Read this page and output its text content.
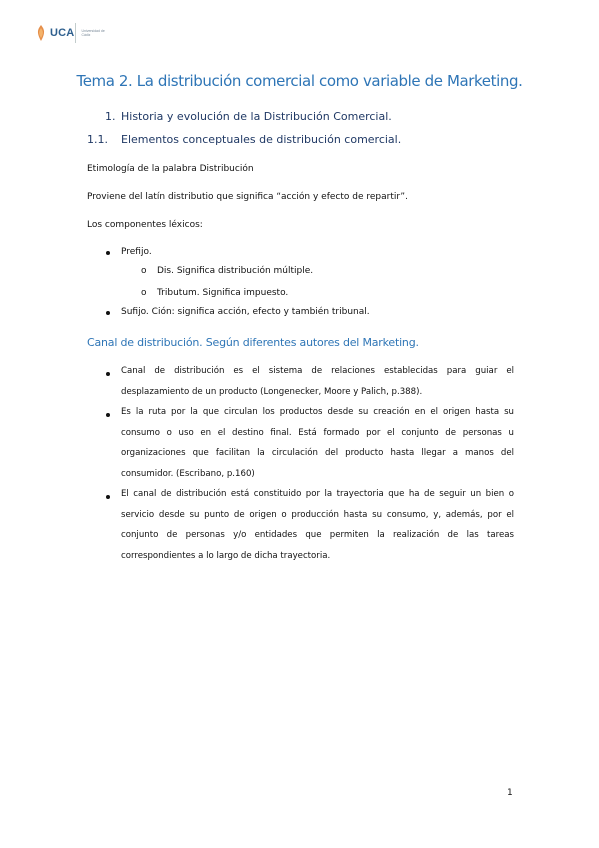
UCA Universidad de Cádiz
Tema 2. La distribución comercial como variable de Marketing.
1. Historia y evolución de la Distribución Comercial.
1.1. Elementos conceptuales de distribución comercial.
Etimología de la palabra Distribución
Proviene del latín distributio que significa “acción y efecto de repartir”.
Los componentes léxicos:
Prefijo.
o Dis. Significa distribución múltiple.
o Tributum. Significa impuesto.
Sufijo. Ción: significa acción, efecto y también tribunal.
Canal de distribución. Según diferentes autores del Marketing.
Canal de distribución es el sistema de relaciones establecidas para guiar el desplazamiento de un producto (Longenecker, Moore y Palich, p.388).
Es la ruta por la que circulan los productos desde su creación en el origen hasta su consumo o uso en el destino final. Está formado por el conjunto de personas u organizaciones que facilitan la circulación del producto hasta llegar a manos del consumidor. (Escribano, p.160)
El canal de distribución está constituido por la trayectoria que ha de seguir un bien o servicio desde su punto de origen o producción hasta su consumo, y, además, por el conjunto de personas y/o entidades que permiten la realización de las tareas correspondientes a lo largo de dicha trayectoria.
1
